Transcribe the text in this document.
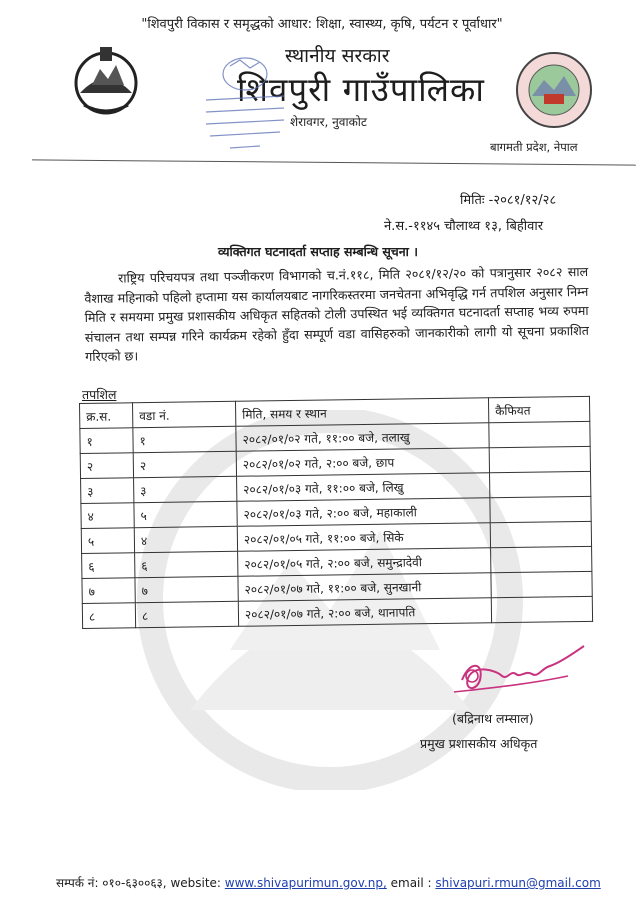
"शिवपुरी विकास र समृद्धको आधार: शिक्षा, स्वास्थ्य, कृषि, पर्यटन र पूर्वाधार"
स्थानीय सरकार
शिवपुरी गाउँपालिका
शेरावगर, नुवाकोट
बागमती प्रदेश, नेपाल
मितिः -२०८१/१२/२८
ने.स.-११४५ चौलाथ्व १३, बिहीवार
व्यक्तिगत घटनादर्ता सप्ताह सम्बन्धि सूचना ।

राष्ट्रिय परिचयपत्र तथा पञ्जीकरण विभागको च.नं.११८, मिति २०८१/१२/२० को पत्रानुसार २०८२ साल वैशाख महिनाको पहिलो हप्तामा यस कार्यालयबाट नागरिकस्तरमा जनचेतना अभिवृद्धि गर्न तपशिल अनुसार निम्न मिति र समयमा प्रमुख प्रशासकीय अधिकृत सहितको टोली उपस्थित भई व्यक्तिगत घटनादर्ता सप्ताह भव्य रुपमा संचालन तथा सम्पन्न गरिने कार्यक्रम रहेको हुँदा सम्पूर्ण वडा वासिहरुको जानकारीको लागी यो सूचना प्रकाशित गरिएको छ।

तपशिल
क्र.स.	वडा नं.	मिति, समय र स्थान	कैफियत
१	१	२०८२/०१/०२ गते, ११:०० बजे, तलाखु	
२	२	२०८२/०१/०२ गते, २:०० बजे, छाप	
३	३	२०८२/०१/०३ गते, ११:०० बजे, लिखु	
४	५	२०८२/०१/०३ गते, २:०० बजे, महाकाली	
५	४	२०८२/०१/०५ गते, ११:०० बजे, सिके	
६	६	२०८२/०१/०५ गते, २:०० बजे, समुन्द्रादेवी	
७	७	२०८२/०१/०७ गते, ११:०० बजे, सुनखानी	
८	८	२०८२/०१/०७ गते, २:०० बजे, थानापति	
(बद्रिनाथ लम्साल)
प्रमुख प्रशासकीय अधिकृत
सम्पर्क नं: ०१०-६३००६३, website: www.shivapurimun.gov.np, email : shivapuri.rmun@gmail.com
